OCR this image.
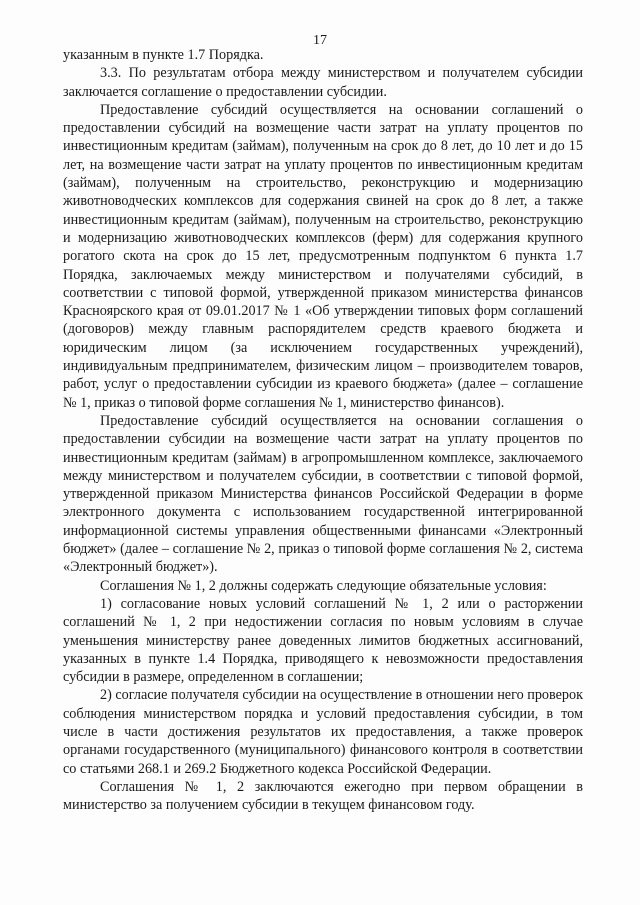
17

указанным в пункте 1.7 Порядка.

3.3. По результатам отбора между министерством и получателем субсидии заключается соглашение о предоставлении субсидии.

Предоставление субсидий осуществляется на основании соглашений о предоставлении субсидий на возмещение части затрат на уплату процентов по инвестиционным кредитам (займам), полученным на срок до 8 лет, до 10 лет и до 15 лет, на возмещение части затрат на уплату процентов по инвестиционным кредитам (займам), полученным на строительство, реконструкцию и модернизацию животноводческих комплексов для содержания свиней на срок до 8 лет, а также инвестиционным кредитам (займам), полученным на строительство, реконструкцию и модернизацию животноводческих комплексов (ферм) для содержания крупного рогатого скота на срок до 15 лет, предусмотренным подпунктом 6 пункта 1.7 Порядка, заключаемых между министерством и получателями субсидий, в соответствии с типовой формой, утвержденной приказом министерства финансов Красноярского края от 09.01.2017 № 1 «Об утверждении типовых форм соглашений (договоров) между главным распорядителем средств краевого бюджета и юридическим лицом (за исключением государственных учреждений), индивидуальным предпринимателем, физическим лицом – производителем товаров, работ, услуг о предоставлении субсидии из краевого бюджета» (далее – соглашение № 1, приказ о типовой форме соглашения № 1, министерство финансов).

Предоставление субсидий осуществляется на основании соглашения о предоставлении субсидии на возмещение части затрат на уплату процентов по инвестиционным кредитам (займам) в агропромышленном комплексе, заключаемого между министерством и получателем субсидии, в соответствии с типовой формой, утвержденной приказом Министерства финансов Российской Федерации в форме электронного документа с использованием государственной интегрированной информационной системы управления общественными финансами «Электронный бюджет» (далее – соглашение № 2, приказ о типовой форме соглашения № 2, система «Электронный бюджет»).

Соглашения № 1, 2 должны содержать следующие обязательные условия:

1) согласование новых условий соглашений № 1, 2 или о расторжении соглашений № 1, 2 при недостижении согласия по новым условиям в случае уменьшения министерству ранее доведенных лимитов бюджетных ассигнований, указанных в пункте 1.4 Порядка, приводящего к невозможности предоставления субсидии в размере, определенном в соглашении;

2) согласие получателя субсидии на осуществление в отношении него проверок соблюдения министерством порядка и условий предоставления субсидии, в том числе в части достижения результатов их предоставления, а также проверок органами государственного (муниципального) финансового контроля в соответствии со статьями 268.1 и 269.2 Бюджетного кодекса Российской Федерации.

Соглашения № 1, 2 заключаются ежегодно при первом обращении в министерство за получением субсидии в текущем финансовом году.
